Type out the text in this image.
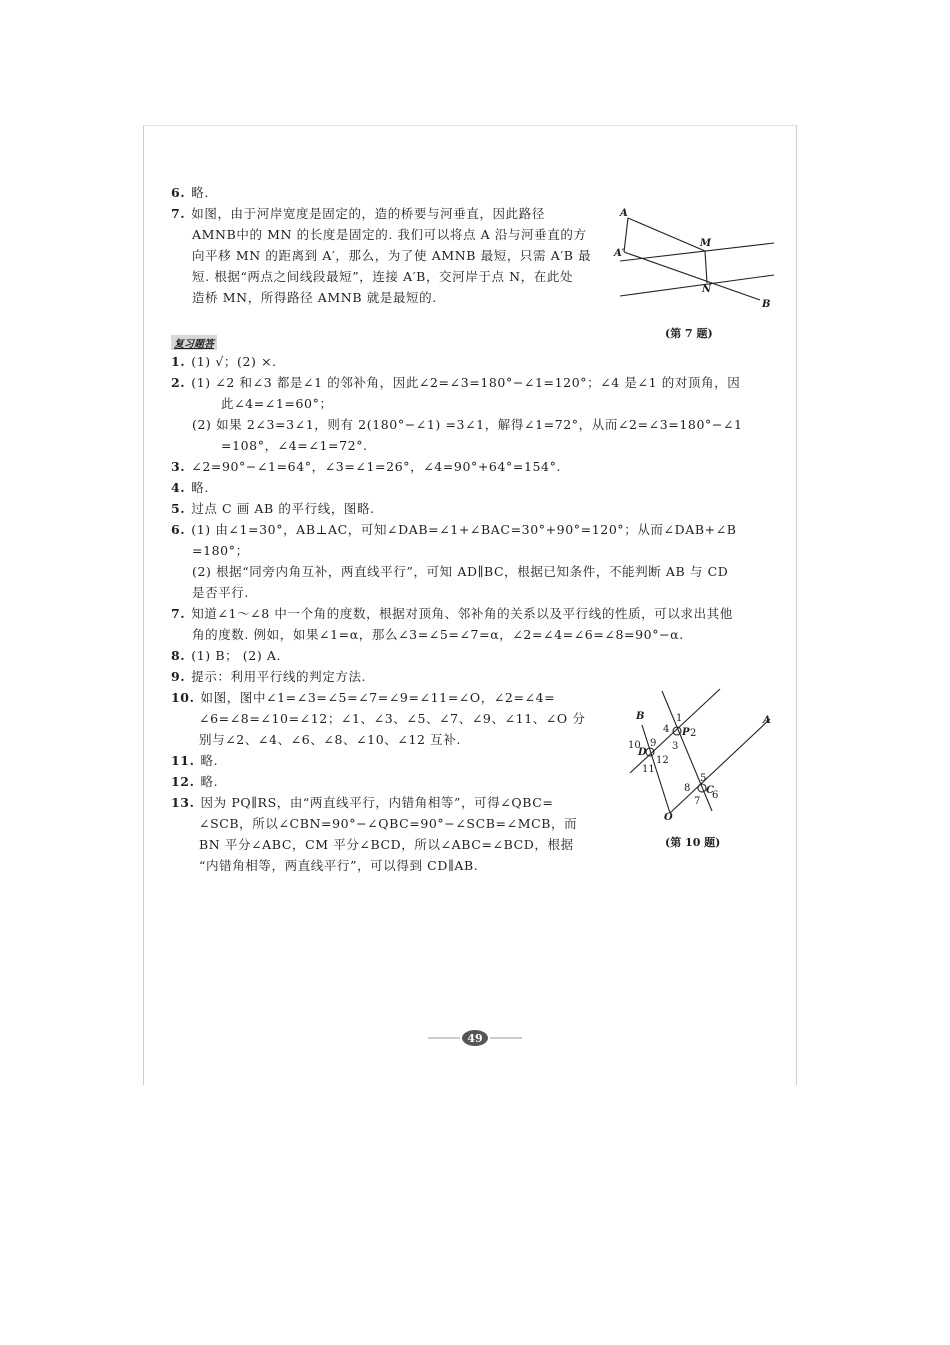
6. 略.
7. 如图，由于河岸宽度是固定的，造的桥要与河垂直，因此路径
AMNB中的 MN 的长度是固定的. 我们可以将点 A 沿与河垂直的方
向平移 MN 的距离到 A′，那么，为了使 AMNB 最短，只需 A′B 最
短. 根据“两点之间线段最短”，连接 A′B，交河岸于点 N，在此处
造桥 MN，所得路径 AMNB 就是最短的.
A
A′
M
N
B
(第 7 题)
复习题答
1. (1) √；(2) ×.
2. (1) ∠2 和∠3 都是∠1 的邻补角，因此∠2=∠3=180°−∠1=120°；∠4 是∠1 的对顶角，因
此∠4=∠1=60°；
(2) 如果 2∠3=3∠1，则有 2(180°−∠1) =3∠1，解得∠1=72°，从而∠2=∠3=180°−∠1
=108°，∠4=∠1=72°.
3. ∠2=90°−∠1=64°，∠3=∠1=26°，∠4=90°+64°=154°.
4. 略.
5. 过点 C 画 AB 的平行线，图略.
6. (1) 由∠1=30°，AB⊥AC，可知∠DAB=∠1+∠BAC=30°+90°=120°；从而∠DAB+∠B
=180°；
(2) 根据“同旁内角互补，两直线平行”，可知 AD∥BC，根据已知条件，不能判断 AB 与 CD
是否平行.
7. 知道∠1～∠8 中一个角的度数，根据对顶角、邻补角的关系以及平行线的性质，可以求出其他
角的度数. 例如，如果∠1=α，那么∠3=∠5=∠7=α，∠2=∠4=∠6=∠8=90°−α.
8. (1) B； (2) A.
9. 提示：利用平行线的判定方法.
10. 如图，图中∠1=∠3=∠5=∠7=∠9=∠11=∠O，∠2=∠4=
∠6=∠8=∠10=∠12；∠1、∠3、∠5、∠7、∠9、∠11、∠O 分
别与∠2、∠4、∠6、∠8、∠10、∠12 互补.
11. 略.
12. 略.
13. 因为 PQ∥RS，由“两直线平行，内错角相等”，可得∠QBC=
∠SCB，所以∠CBN=90°−∠QBC=90°−∠SCB=∠MCB，而
BN 平分∠ABC，CM 平分∠BCD，所以∠ABC=∠BCD，根据
“内错角相等，两直线平行”，可以得到 CD∥AB.
B	A
O
P
C
D
1
2
3
4
5
6
7
8
9
10
11
12
(第 10 题)
49
